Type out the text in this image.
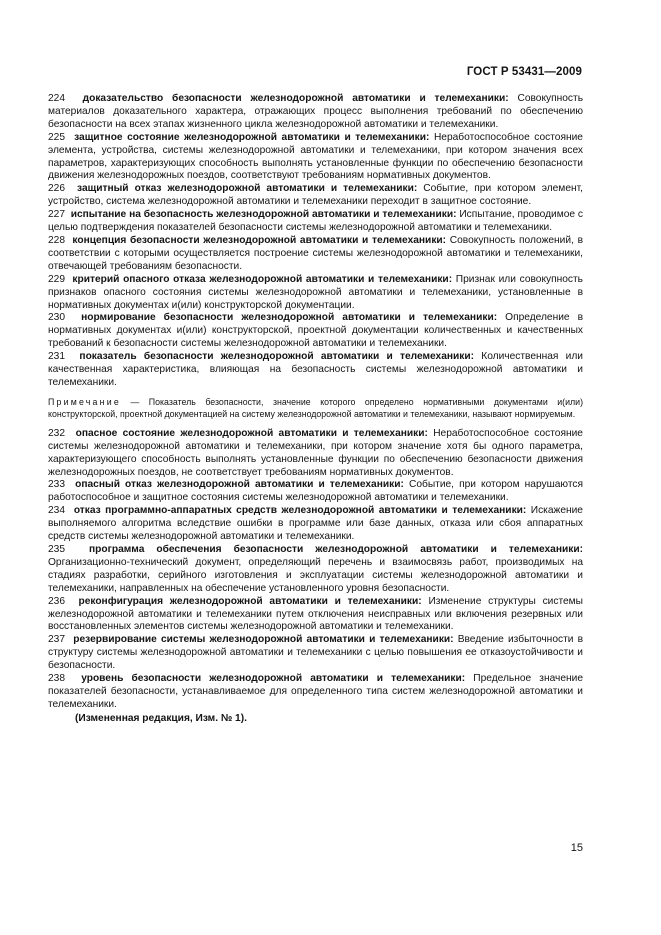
ГОСТ Р 53431—2009

224 доказательство безопасности железнодорожной автоматики и телемеханики: Совокупность материалов доказательного характера, отражающих процесс выполнения требований по обеспечению безопасности на всех этапах жизненного цикла железнодорожной автоматики и телемеханики.

225 защитное состояние железнодорожной автоматики и телемеханики: Неработоспособное состояние элемента, устройства, системы железнодорожной автоматики и телемеханики, при котором значения всех параметров, характеризующих способность выполнять установленные функции по обеспечению безопасности движения железнодорожных поездов, соответствуют требованиям нормативных документов.

226 защитный отказ железнодорожной автоматики и телемеханики: Событие, при котором элемент, устройство, система железнодорожной автоматики и телемеханики переходит в защитное состояние.

227 испытание на безопасность железнодорожной автоматики и телемеханики: Испытание, проводимое с целью подтверждения показателей безопасности системы железнодорожной автоматики и телемеханики.

228 концепция безопасности железнодорожной автоматики и телемеханики: Совокупность положений, в соответствии с которыми осуществляется построение системы железнодорожной автоматики и телемеханики, отвечающей требованиям безопасности.

229 критерий опасного отказа железнодорожной автоматики и телемеханики: Признак или совокупность признаков опасного состояния системы железнодорожной автоматики и телемеханики, установленные в нормативных документах и(или) конструкторской документации.

230 нормирование безопасности железнодорожной автоматики и телемеханики: Определение в нормативных документах и(или) конструкторской, проектной документации количественных и качественных требований к безопасности системы железнодорожной автоматики и телемеханики.

231 показатель безопасности железнодорожной автоматики и телемеханики: Количественная или качественная характеристика, влияющая на безопасность системы железнодорожной автоматики и телемеханики.

Примечание — Показатель безопасности, значение которого определено нормативными документами и(или) конструкторской, проектной документацией на систему железнодорожной автоматики и телемеханики, называют нормируемым.

232 опасное состояние железнодорожной автоматики и телемеханики: Неработоспособное состояние системы железнодорожной автоматики и телемеханики, при котором значение хотя бы одного параметра, характеризующего способность выполнять установленные функции по обеспечению безопасности движения железнодорожных поездов, не соответствует требованиям нормативных документов.

233 опасный отказ железнодорожной автоматики и телемеханики: Событие, при котором нарушаются работоспособное и защитное состояния системы железнодорожной автоматики и телемеханики.

234 отказ программно-аппаратных средств железнодорожной автоматики и телемеханики: Искажение выполняемого алгоритма вследствие ошибки в программе или базе данных, отказа или сбоя аппаратных средств системы железнодорожной автоматики и телемеханики.

235 программа обеспечения безопасности железнодорожной автоматики и телемеханики: Организационно-технический документ, определяющий перечень и взаимосвязь работ, производимых на стадиях разработки, серийного изготовления и эксплуатации системы железнодорожной автоматики и телемеханики, направленных на обеспечение установленного уровня безопасности.

236 реконфигурация железнодорожной автоматики и телемеханики: Изменение структуры системы железнодорожной автоматики и телемеханики путем отключения неисправных или включения резервных или восстановленных элементов системы железнодорожной автоматики и телемеханики.

237 резервирование системы железнодорожной автоматики и телемеханики: Введение избыточности в структуру системы железнодорожной автоматики и телемеханики с целью повышения ее отказоустойчивости и безопасности.

238 уровень безопасности железнодорожной автоматики и телемеханики: Предельное значение показателей безопасности, устанавливаемое для определенного типа систем железнодорожной автоматики и телемеханики.

(Измененная редакция, Изм. № 1).

15
